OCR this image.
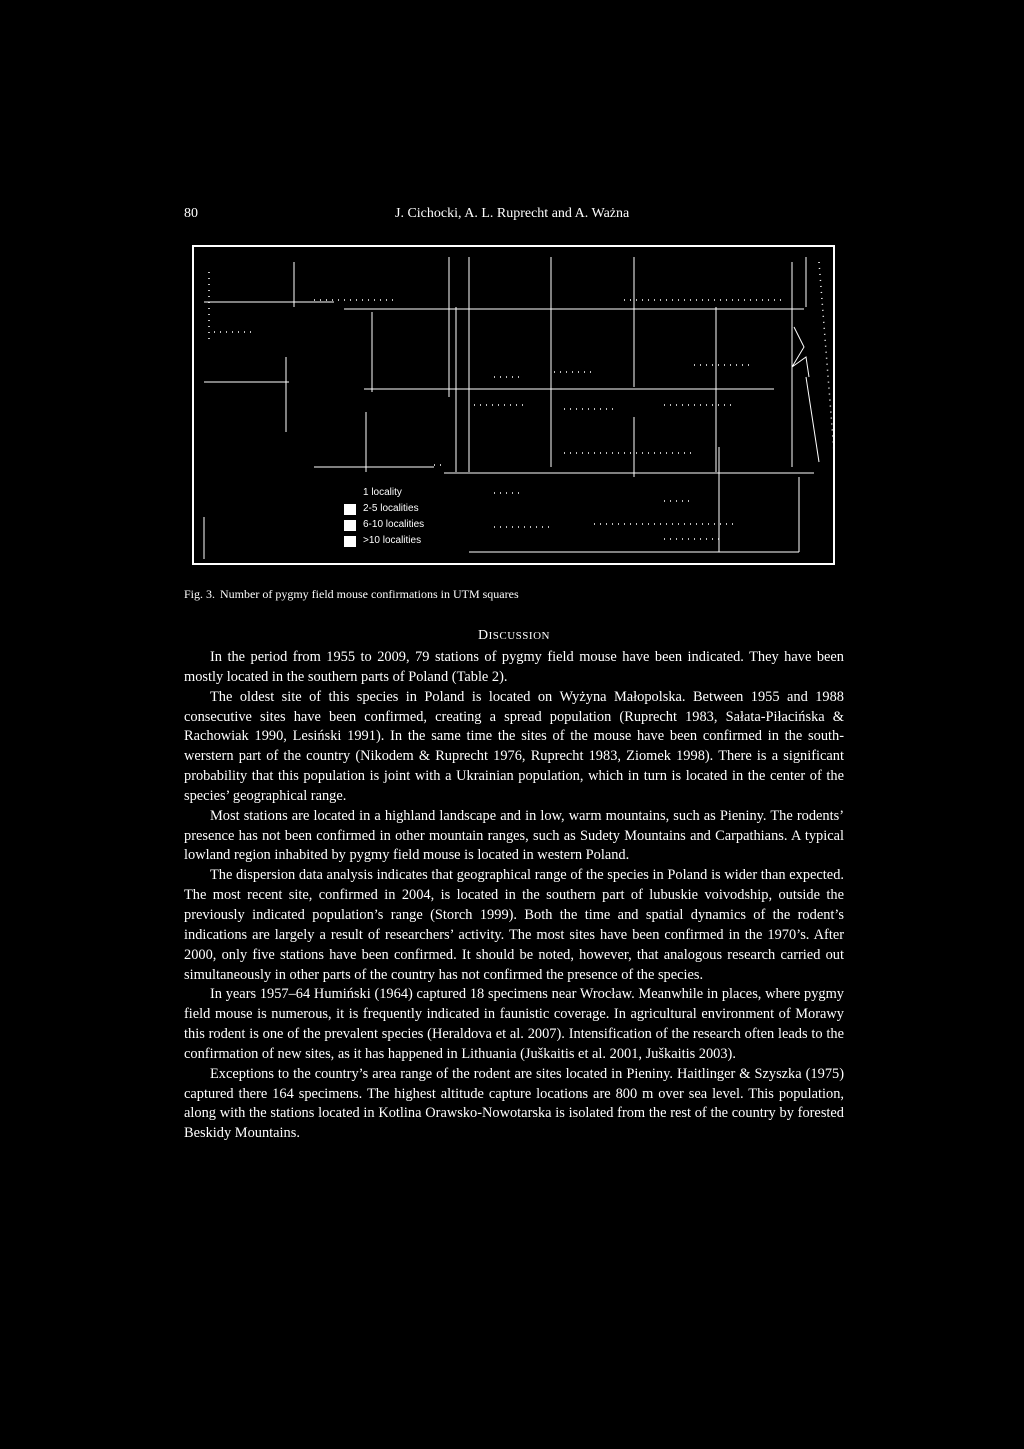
80	J. Cichocki, A. L. Ruprecht and A. Ważna
1 locality
2-5 localities
6-10 localities
>10 localities
Fig. 3. Number of pygmy field mouse confirmations in UTM squares
DISCUSSION

In the period from 1955 to 2009, 79 stations of pygmy field mouse have been indicated. They have been mostly located in the southern parts of Poland (Table 2).

The oldest site of this species in Poland is located on Wyżyna Małopolska. Between 1955 and 1988 consecutive sites have been confirmed, creating a spread population (Ruprecht 1983, Sałata-Piłacińska & Rachowiak 1990, Lesiński 1991). In the same time the sites of the mouse have been confirmed in the south-werstern part of the country (Nikodem & Ruprecht 1976, Ruprecht 1983, Ziomek 1998). There is a significant probability that this population is joint with a Ukrainian population, which in turn is located in the center of the species’ geographical range.

Most stations are located in a highland landscape and in low, warm mountains, such as Pieniny. The rodents’ presence has not been confirmed in other mountain ranges, such as Sudety Mountains and Carpathians. A typical lowland region inhabited by pygmy field mouse is located in western Poland.

The dispersion data analysis indicates that geographical range of the species in Poland is wider than expected. The most recent site, confirmed in 2004, is located in the southern part of lubuskie voivodship, outside the previously indicated population’s range (Storch 1999). Both the time and spatial dynamics of the rodent’s indications are largely a result of researchers’ activity. The most sites have been confirmed in the 1970’s. After 2000, only five stations have been confirmed. It should be noted, however, that analogous research carried out simultaneously in other parts of the country has not confirmed the presence of the species.

In years 1957–64 Humiński (1964) captured 18 specimens near Wrocław. Meanwhile in places, where pygmy field mouse is numerous, it is frequently indicated in faunistic coverage. In agricultural environment of Morawy this rodent is one of the prevalent species (Heraldova et al. 2007). Intensification of the research often leads to the confirmation of new sites, as it has happened in Lithuania (Juškaitis et al. 2001, Juškaitis 2003).

Exceptions to the country’s area range of the rodent are sites located in Pieniny. Haitlinger & Szyszka (1975) captured there 164 specimens. The highest altitude capture locations are 800 m over sea level. This population, along with the stations located in Kotlina Orawsko-Nowotarska is isolated from the rest of the country by forested Beskidy Mountains.
